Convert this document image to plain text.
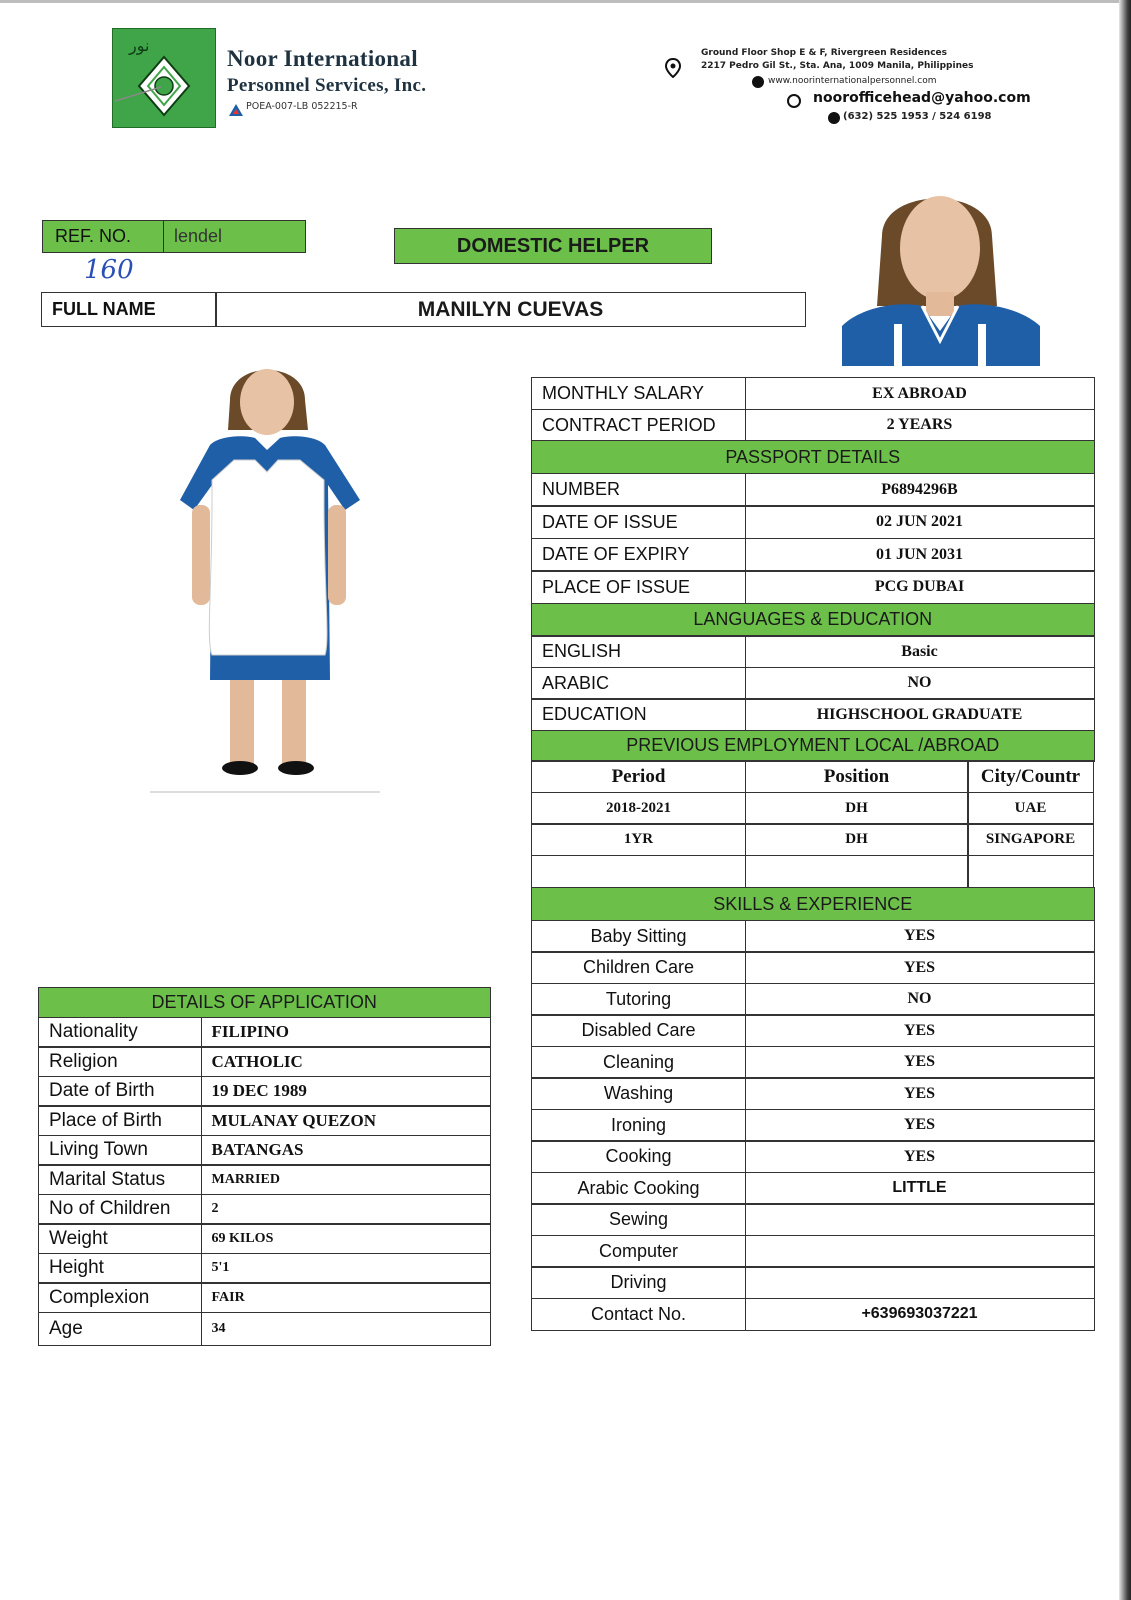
نور
Noor International
Personnel Services, Inc.
POEA-007-LB 052215-R
Ground Floor Shop E & F, Rivergreen Residences
2217 Pedro Gil St., Sta. Ana, 1009 Manila, Philippines
www.noorinternationalpersonnel.com
noorofficehead@yahoo.com
(632) 525 1953 / 524 6198
REF. NO.	lendel
160
DOMESTIC HELPER
FULL NAME	MANILYN CUEVAS
MONTHLY SALARY	EX ABROAD
CONTRACT PERIOD	2 YEARS
PASSPORT DETAILS
NUMBER	P6894296B
DATE OF ISSUE	02 JUN 2021
DATE OF EXPIRY	01 JUN 2031
PLACE OF ISSUE	PCG DUBAI
LANGUAGES & EDUCATION
ENGLISH	Basic
ARABIC	NO
EDUCATION	HIGHSCHOOL GRADUATE
PREVIOUS EMPLOYMENT LOCAL /ABROAD
Period	Position	City/Countr
2018-2021	DH	UAE
1YR	DH	SINGAPORE
SKILLS & EXPERIENCE
Baby Sitting	YES
Children Care	YES
Tutoring	NO
Disabled Care	YES
Cleaning	YES
Washing	YES
Ironing	YES
Cooking	YES
Arabic Cooking	LITTLE
Sewing
Computer
Driving
Contact No.	+639693037221
DETAILS OF APPLICATION
Nationality	FILIPINO
Religion	CATHOLIC
Date of Birth	19 DEC 1989
Place of Birth	MULANAY QUEZON
Living Town	BATANGAS
Marital Status	MARRIED
No of Children	2
Weight	69 KILOS
Height	5'1
Complexion	FAIR
Age	34
